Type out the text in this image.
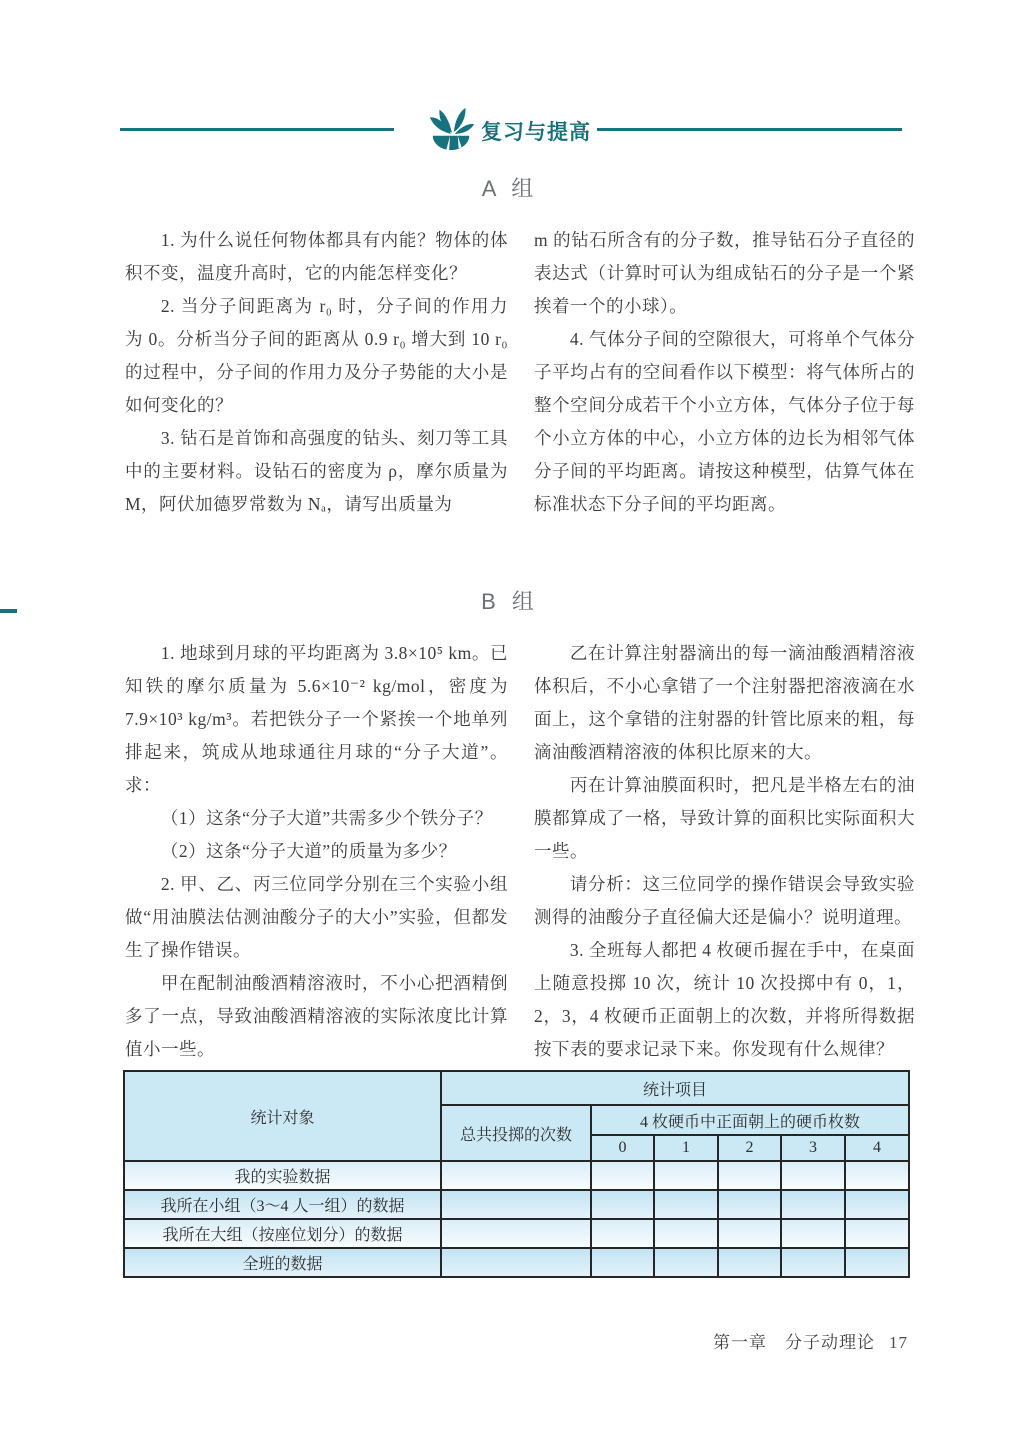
复习与提高
A 组

1. 为什么说任何物体都具有内能？物体的体积不变，温度升高时，它的内能怎样变化？

2. 当分子间距离为 r₀ 时，分子间的作用力为 0。分析当分子间的距离从 0.9 r₀ 增大到 10 r₀ 的过程中，分子间的作用力及分子势能的大小是如何变化的？

3. 钻石是首饰和高强度的钻头、刻刀等工具中的主要材料。设钻石的密度为 ρ，摩尔质量为 M，阿伏加德罗常数为 Nₐ，请写出质量为

m 的钻石所含有的分子数，推导钻石分子直径的表达式（计算时可认为组成钻石的分子是一个紧挨着一个的小球）。

4. 气体分子间的空隙很大，可将单个气体分子平均占有的空间看作以下模型：将气体所占的整个空间分成若干个小立方体，气体分子位于每个小立方体的中心，小立方体的边长为相邻气体分子间的平均距离。请按这种模型，估算气体在标准状态下分子间的平均距离。

B 组

1. 地球到月球的平均距离为 3.8×10⁵ km。已知铁的摩尔质量为 5.6×10⁻² kg/mol，密度为 7.9×10³ kg/m³。若把铁分子一个紧挨一个地单列排起来，筑成从地球通往月球的“分子大道”。求：

（1）这条“分子大道”共需多少个铁分子？

（2）这条“分子大道”的质量为多少？

2. 甲、乙、丙三位同学分别在三个实验小组做“用油膜法估测油酸分子的大小”实验，但都发生了操作错误。

甲在配制油酸酒精溶液时，不小心把酒精倒多了一点，导致油酸酒精溶液的实际浓度比计算值小一些。

乙在计算注射器滴出的每一滴油酸酒精溶液体积后，不小心拿错了一个注射器把溶液滴在水面上，这个拿错的注射器的针管比原来的粗，每滴油酸酒精溶液的体积比原来的大。

丙在计算油膜面积时，把凡是半格左右的油膜都算成了一格，导致计算的面积比实际面积大一些。

请分析：这三位同学的操作错误会导致实验测得的油酸分子直径偏大还是偏小？说明道理。

3. 全班每人都把 4 枚硬币握在手中，在桌面上随意投掷 10 次，统计 10 次投掷中有 0，1，2，3，4 枚硬币正面朝上的次数，并将所得数据按下表的要求记录下来。你发现有什么规律？

统计对象	统计项目					
	总共投掷的次数	4 枚硬币中正面朝上的硬币枚数				
		0	1	2	3	4
我的实验数据						
我所在小组（3～4 人一组）的数据						
我所在大组（按座位划分）的数据						
全班的数据						
第一章　分子动理论 17
